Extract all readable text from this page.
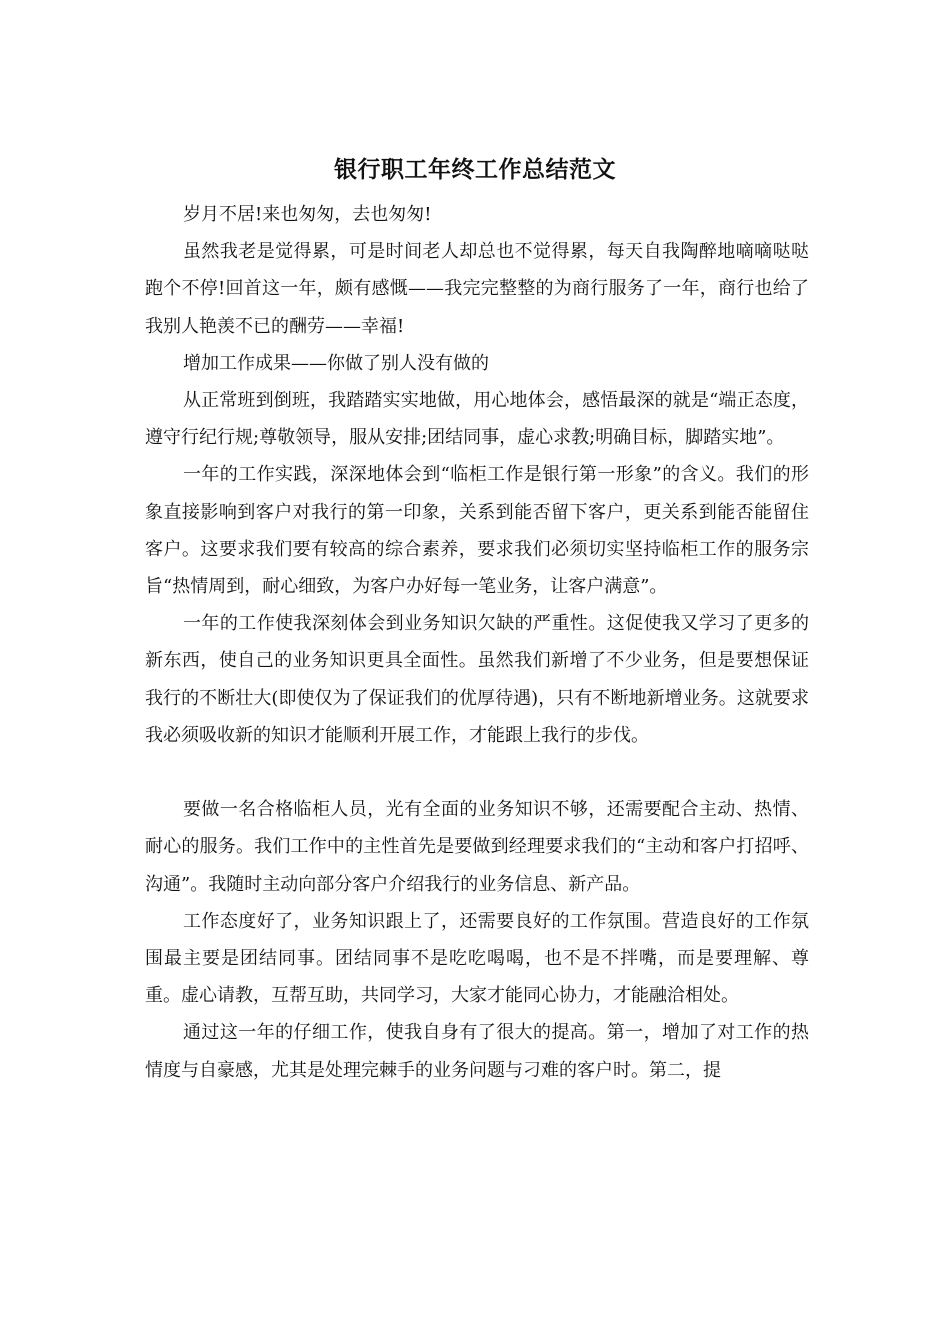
银行职工年终工作总结范文

岁月不居!来也匆匆，去也匆匆!

虽然我老是觉得累，可是时间老人却总也不觉得累，每天自我陶醉地嘀嘀哒哒跑个不停!回首这一年，颇有感慨——我完完整整的为商行服务了一年，商行也给了我别人艳羡不已的酬劳——幸福!

增加工作成果——你做了别人没有做的

从正常班到倒班，我踏踏实实地做，用心地体会，感悟最深的就是“端正态度，遵守行纪行规;尊敬领导，服从安排;团结同事，虚心求教;明确目标，脚踏实地”。

一年的工作实践，深深地体会到“临柜工作是银行第一形象”的含义。我们的形象直接影响到客户对我行的第一印象，关系到能否留下客户，更关系到能否能留住客户。这要求我们要有较高的综合素养，要求我们必须切实坚持临柜工作的服务宗旨“热情周到，耐心细致，为客户办好每一笔业务，让客户满意”。

一年的工作使我深刻体会到业务知识欠缺的严重性。这促使我又学习了更多的新东西，使自己的业务知识更具全面性。虽然我们新增了不少业务，但是要想保证我行的不断壮大(即使仅为了保证我们的优厚待遇)，只有不断地新增业务。这就要求我必须吸收新的知识才能顺利开展工作，才能跟上我行的步伐。

要做一名合格临柜人员，光有全面的业务知识不够，还需要配合主动、热情、耐心的服务。我们工作中的主性首先是要做到经理要求我们的“主动和客户打招呼、沟通”。我随时主动向部分客户介绍我行的业务信息、新产品。

工作态度好了，业务知识跟上了，还需要良好的工作氛围。营造良好的工作氛围最主要是团结同事。团结同事不是吃吃喝喝，也不是不拌嘴，而是要理解、尊重。虚心请教，互帮互助，共同学习，大家才能同心协力，才能融洽相处。

通过这一年的仔细工作，使我自身有了很大的提高。第一，增加了对工作的热情度与自豪感，尤其是处理完棘手的业务问题与刁难的客户时。第二，提
